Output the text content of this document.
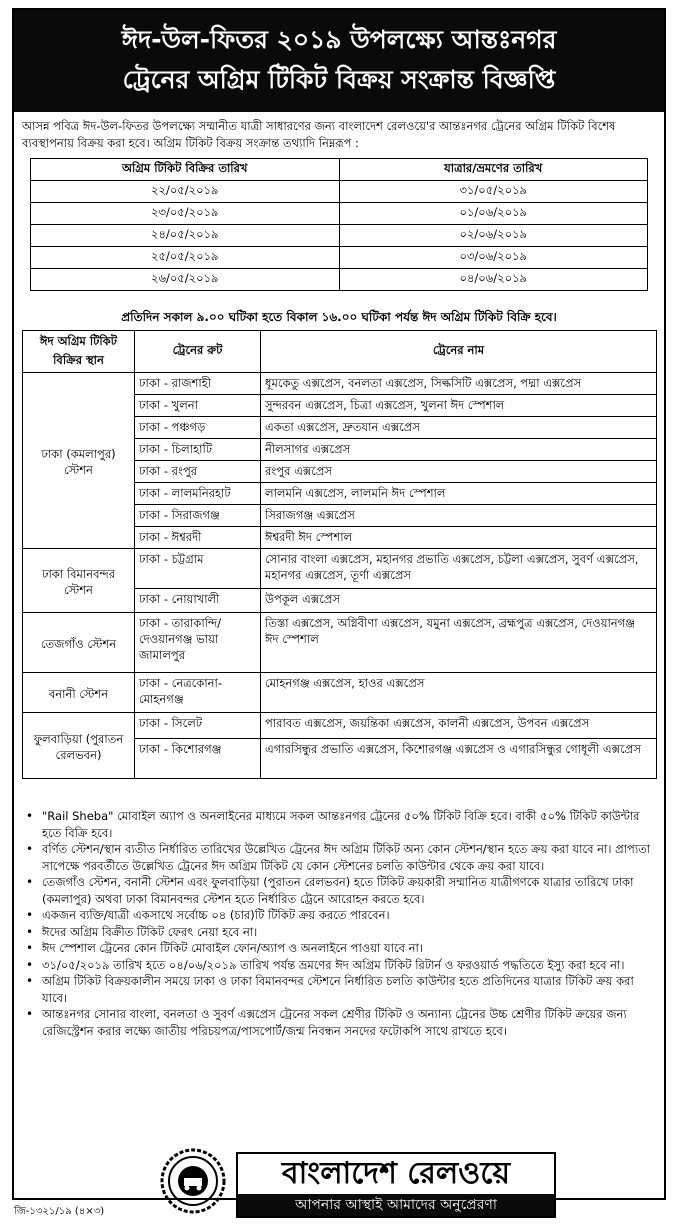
ঈদ-উল-ফিতর ২০১৯ উপলক্ষ্যে আন্তঃনগর
ট্রেনের অগ্রিম টিকিট বিক্রয় সংক্রান্ত বিজ্ঞপ্তি
আসন্ন পবিত্র ঈদ-উল-ফিতর উপলক্ষ্যে সম্মানীত যাত্রী সাধারণের জন্য বাংলাদেশ রেলওয়ে'র আন্তঃনগর ট্রেনের অগ্রিম টিকিট বিশেষ ব্যবস্থাপনায় বিক্রয় করা হবে। অগ্রিম টিকিট বিক্রয় সংক্রান্ত তথ্যাদি নিম্নরূপ :
অগ্রিম টিকিট বিক্রির তারিখ	যাত্রার/ভ্রমণের তারিখ
২২/০৫/২০১৯	৩১/০৫/২০১৯
২৩/০৫/২০১৯	০১/০৬/২০১৯
২৪/০৫/২০১৯	০২/০৬/২০১৯
২৫/০৫/২০১৯	০৩/০৬/২০১৯
২৬/০৫/২০১৯	০৪/০৬/২০১৯
প্রতিদিন সকাল ৯.০০ ঘটিকা হতে বিকাল ১৬.০০ ঘটিকা পর্যন্ত ঈদ অগ্রিম টিকিট বিক্রি হবে।
ঈদ অগ্রিম টিকিট বিক্রির স্থান	ট্রেনের রুট	ট্রেনের নাম
ঢাকা (কমলাপুর) স্টেশন	ঢাকা - রাজশাহী	ধূমকেতু এক্সপ্রেস, বনলতা এক্সপ্রেস, সিল্কসিটি এক্সপ্রেস, পদ্মা এক্সপ্রেস
	ঢাকা - খুলনা	সুন্দরবন এক্সপ্রেস, চিত্রা এক্সপ্রেস, খুলনা ঈদ স্পেশাল
	ঢাকা - পঞ্চগড়	একতা এক্সপ্রেস, দ্রুতযান এক্সপ্রেস
	ঢাকা - চিলাহাটি	নীলসাগর এক্সপ্রেস
	ঢাকা - রংপুর	রংপুর এক্সপ্রেস
	ঢাকা - লালমনিরহাট	লালমনি এক্সপ্রেস, লালমনি ঈদ স্পেশাল
	ঢাকা - সিরাজগঞ্জ	সিরাজগঞ্জ এক্সপ্রেস
	ঢাকা - ঈশ্বরদী	ঈশ্বরদী ঈদ স্পেশাল
ঢাকা বিমানবন্দর স্টেশন	ঢাকা - চট্টগ্রাম	সোনার বাংলা এক্সপ্রেস, মহানগর প্রভাতি এক্সপ্রেস, চট্টলা এক্সপ্রেস, সুবর্ণ এক্সপ্রেস, মহানগর এক্সপ্রেস, তূর্ণা এক্সপ্রেস
	ঢাকা - নোয়াখালী	উপকূল এক্সপ্রেস
তেজগাঁও স্টেশন	ঢাকা - তারাকান্দি/দেওয়ানগঞ্জ ভায়া জামালপুর	তিস্তা এক্সপ্রেস, অগ্নিবীণা এক্সপ্রেস, যমুনা এক্সপ্রেস, ব্রহ্মপুত্র এক্সপ্রেস, দেওয়ানগঞ্জ ঈদ স্পেশাল
বনানী স্টেশন	ঢাকা - নেত্রকোনা-মোহনগঞ্জ	মোহনগঞ্জ এক্সপ্রেস, হাওর এক্সপ্রেস
ফুলবাড়িয়া (পুরাতন রেলভবন)	ঢাকা - সিলেট	পারাবত এক্সপ্রেস, জয়ন্তিকা এক্সপ্রেস, কালনী এক্সপ্রেস, উপবন এক্সপ্রেস
	ঢাকা - কিশোরগঞ্জ	এগারসিন্ধুর প্রভাতি এক্সপ্রেস, কিশোরগঞ্জ এক্সপ্রেস ও এগারসিন্ধুর গোধূলী এক্সপ্রেস
• "Rail Sheba" মোবাইল অ্যাপ ও অনলাইনের মাধ্যমে সকল আন্তঃনগর ট্রেনের ৫০% টিকিট বিক্রি হবে। বাকী ৫০% টিকিট কাউন্টার হতে বিক্রি হবে।
• বর্ণিত স্টেশন/স্থান ব্যতীত নির্ধারিত তারিখের উল্লেখিত ট্রেনের ঈদ অগ্রিম টিকিট অন্য কোন স্টেশন/স্থান হতে ক্রয় করা যাবে না। প্রাপ্যতা সাপেক্ষে পরবর্তীতে উল্লেখিত ট্রেনের ঈদ অগ্রিম টিকিট যে কোন স্টেশনের চলতি কাউন্টার থেকে ক্রয় করা যাবে।
• তেজগাঁও স্টেশন, বনানী স্টেশন এবং ফুলবাড়িয়া (পুরাতন রেলভবন) হতে টিকিট ক্রয়কারী সম্মানিত যাত্রীগণকে যাত্রার তারিখে ঢাকা (কমলাপুর) অথবা ঢাকা বিমানবন্দর স্টেশন হতে নির্ধারিত ট্রেনে আরোহন করতে হবে।
• একজন ব্যক্তি/যাত্রী একসাথে সর্বোচ্চ ০৪ (চার)টি টিকিট ক্রয় করতে পারবেন।
• ঈদের অগ্রিম বিক্রীত টিকিট ফেরৎ নেয়া হবে না।
• ঈদ স্পেশাল ট্রেনের কোন টিকিট মোবাইল ফোন/অ্যাপ ও অনলাইনে পাওয়া যাবে না।
• ৩১/০৫/২০১৯ তারিখ হতে ০৪/০৬/২০১৯ তারিখ পর্যন্ত ভ্রমণের ঈদ অগ্রিম টিকিট রিটার্ন ও ফরওয়ার্ড পদ্ধতিতে ইস্যু করা হবে না।
• অগ্রিম টিকিট বিক্রয়কালীন সময়ে ঢাকা ও ঢাকা বিমানবন্দর স্টেশনে নির্ধারিত চলতি কাউন্টার হতে প্রতিদিনের যাত্রার টিকিট ক্রয় করা যাবে।
• আন্তঃনগর সোনার বাংলা, বনলতা ও সুবর্ণ এক্সপ্রেস ট্রেনের সকল শ্রেণীর টিকিট ও অন্যান্য ট্রেনের উচ্চ শ্রেণীর টিকিট ক্রয়ের জন্য রেজিস্ট্রেশন করার লক্ষ্যে জাতীয় পরিচয়পত্র/পাসপোর্ট/জন্ম নিবন্ধন সনদের ফটোকপি সাথে রাখতে হবে।
বাংলাদেশ রেলওয়ে
আপনার আস্থাই আমাদের অনুপ্রেরণা
জি-১৩২১/১৯ (৪×৩)
